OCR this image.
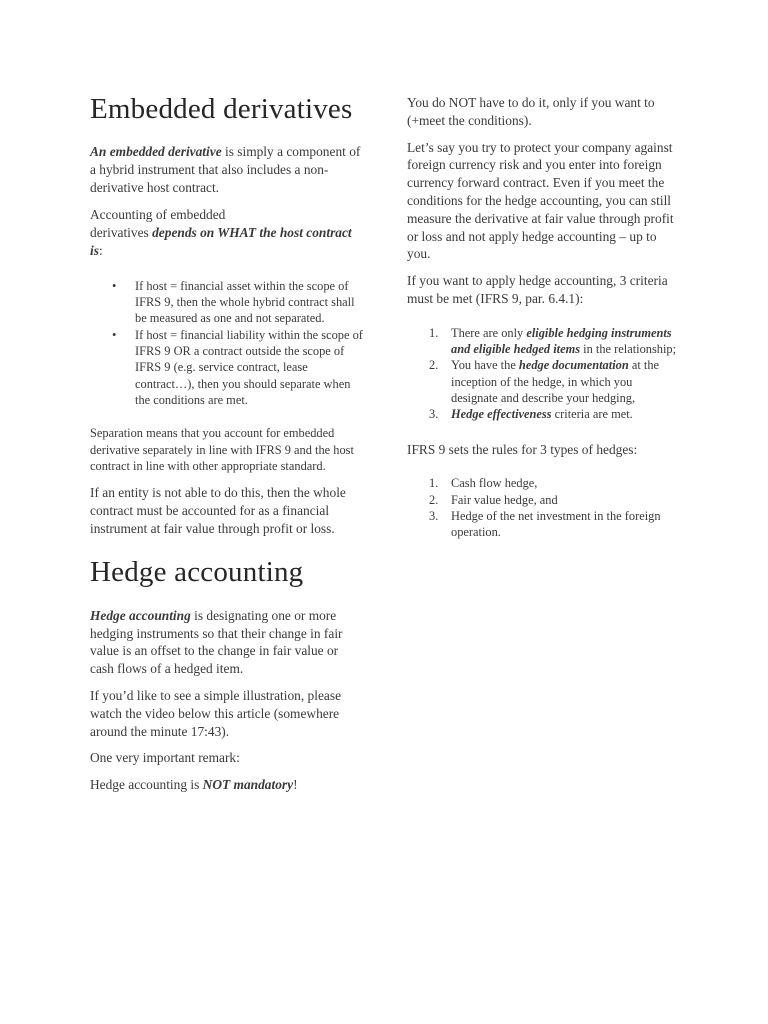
Embedded derivatives

An embedded derivative is simply a component of a hybrid instrument that also includes a non-derivative host contract.

Accounting of embedded
derivatives depends on WHAT the host contract is:

• If host = financial asset within the scope of IFRS 9, then the whole hybrid contract shall be measured as one and not separated.
• If host = financial liability within the scope of IFRS 9 OR a contract outside the scope of IFRS 9 (e.g. service contract, lease contract…), then you should separate when the conditions are met.

Separation means that you account for embedded derivative separately in line with IFRS 9 and the host contract in line with other appropriate standard.

If an entity is not able to do this, then the whole contract must be accounted for as a financial instrument at fair value through profit or loss.

Hedge accounting

Hedge accounting is designating one or more hedging instruments so that their change in fair value is an offset to the change in fair value or cash flows of a hedged item.

If you’d like to see a simple illustration, please watch the video below this article (somewhere around the minute 17:43).

One very important remark:

Hedge accounting is NOT mandatory!

You do NOT have to do it, only if you want to (+meet the conditions).

Let’s say you try to protect your company against foreign currency risk and you enter into foreign currency forward contract. Even if you meet the conditions for the hedge accounting, you can still measure the derivative at fair value through profit or loss and not apply hedge accounting – up to you.

If you want to apply hedge accounting, 3 criteria must be met (IFRS 9, par. 6.4.1):

1. There are only eligible hedging instruments and eligible hedged items in the relationship;
2. You have the hedge documentation at the inception of the hedge, in which you designate and describe your hedging,
3. Hedge effectiveness criteria are met.

IFRS 9 sets the rules for 3 types of hedges:

1. Cash flow hedge,
2. Fair value hedge, and
3. Hedge of the net investment in the foreign operation.
